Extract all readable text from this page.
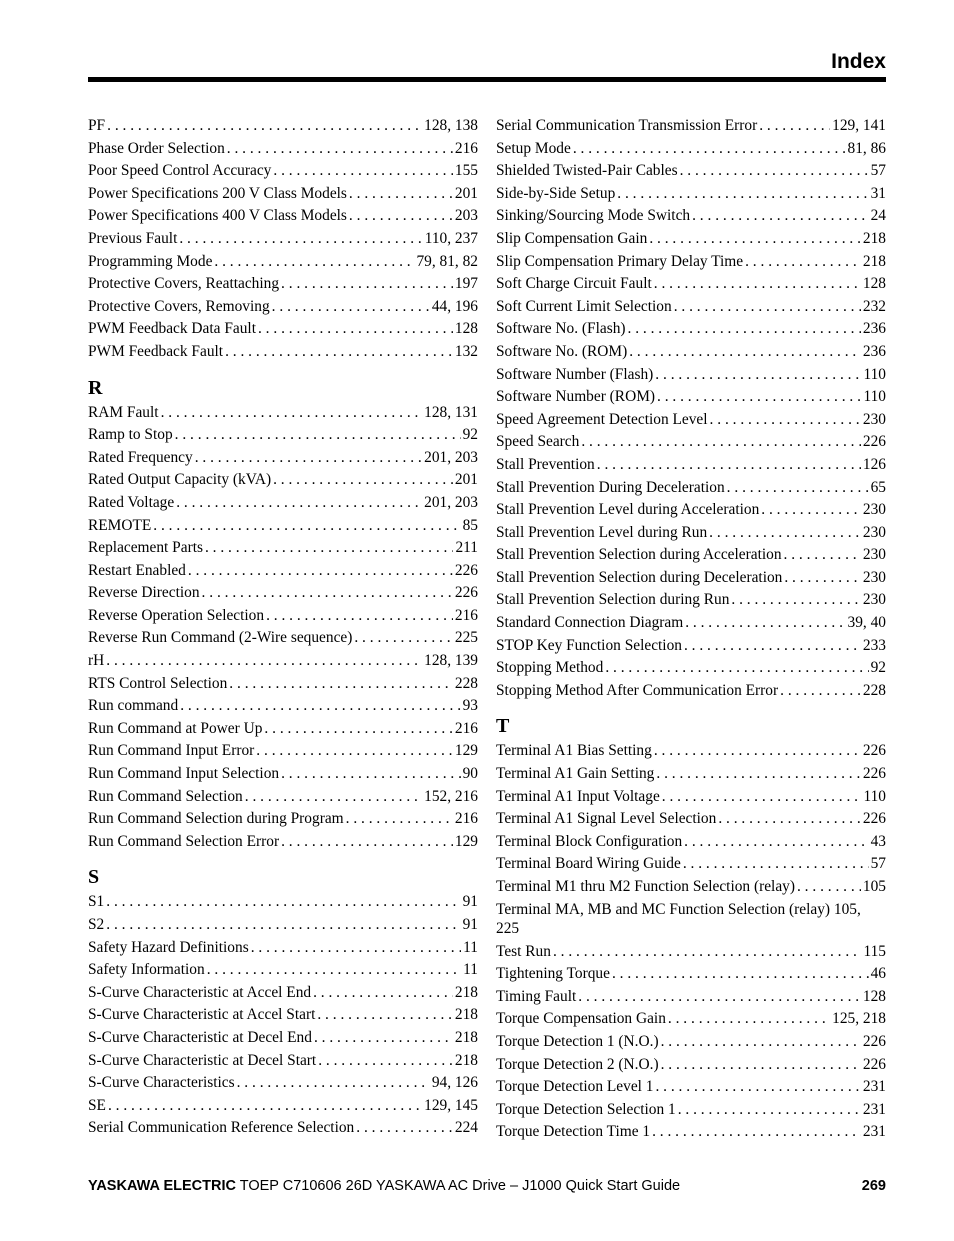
Index
PF . . .	128, 138
Phase Order Selection . . .	216
Poor Speed Control Accuracy . . .	155
Power Specifications 200 V Class Models . . .	201
Power Specifications 400 V Class Models . . .	203
Previous Fault . . .	110, 237
Programming Mode . . .	79, 81, 82
Protective Covers, Reattaching . . .	197
Protective Covers, Removing . . .	44, 196
PWM Feedback Data Fault . . .	128
PWM Feedback Fault . . .	132
R
RAM Fault . . .	128, 131
Ramp to Stop . . .	92
Rated Frequency . . .	201, 203
Rated Output Capacity (kVA) . . .	201
Rated Voltage . . .	201, 203
REMOTE . . .	85
Replacement Parts . . .	211
Restart Enabled . . .	226
Reverse Direction . . .	226
Reverse Operation Selection . . .	216
Reverse Run Command (2-Wire sequence) . . .	225
rH . . .	128, 139
RTS Control Selection . . .	228
Run command . . .	93
Run Command at Power Up . . .	216
Run Command Input Error . . .	129
Run Command Input Selection . . .	90
Run Command Selection . . .	152, 216
Run Command Selection during Program . . .	216
Run Command Selection Error . . .	129
S
S1 . . .	91
S2 . . .	91
Safety Hazard Definitions . . .	11
Safety Information . . .	11
S-Curve Characteristic at Accel End . . .	218
S-Curve Characteristic at Accel Start . . .	218
S-Curve Characteristic at Decel End . . .	218
S-Curve Characteristic at Decel Start . . .	218
S-Curve Characteristics . . .	94, 126
SE . . .	129, 145
Serial Communication Reference Selection . . .	224
Serial Communication Transmission Error . . .	129, 141
Setup Mode . . .	81, 86
Shielded Twisted-Pair Cables . . .	57
Side-by-Side Setup . . .	31
Sinking/Sourcing Mode Switch . . .	24
Slip Compensation Gain . . .	218
Slip Compensation Primary Delay Time . . .	218
Soft Charge Circuit Fault . . .	128
Soft Current Limit Selection . . .	232
Software No. (Flash) . . .	236
Software No. (ROM) . . .	236
Software Number (Flash) . . .	110
Software Number (ROM) . . .	110
Speed Agreement Detection Level . . .	230
Speed Search . . .	226
Stall Prevention . . .	126
Stall Prevention During Deceleration . . .	65
Stall Prevention Level during Acceleration . . .	230
Stall Prevention Level during Run . . .	230
Stall Prevention Selection during Acceleration . . .	230
Stall Prevention Selection during Deceleration . . .	230
Stall Prevention Selection during Run . . .	230
Standard Connection Diagram . . .	39, 40
STOP Key Function Selection . . .	233
Stopping Method . . .	92
Stopping Method After Communication Error . . .	228
T
Terminal A1 Bias Setting . . .	226
Terminal A1 Gain Setting . . .	226
Terminal A1 Input Voltage . . .	110
Terminal A1 Signal Level Selection . . .	226
Terminal Block Configuration . . .	43
Terminal Board Wiring Guide . . .	57
Terminal M1 thru M2 Function Selection (relay) . . .	105
Terminal MA, MB and MC Function Selection (relay) 105, 225
Test Run . . .	115
Tightening Torque . . .	46
Timing Fault . . .	128
Torque Compensation Gain . . .	125, 218
Torque Detection 1 (N.O.) . . .	226
Torque Detection 2 (N.O.) . . .	226
Torque Detection Level 1 . . .	231
Torque Detection Selection 1 . . .	231
Torque Detection Time 1 . . .	231
YASKAWA ELECTRIC TOEP C710606 26D YASKAWA AC Drive – J1000 Quick Start Guide	269
